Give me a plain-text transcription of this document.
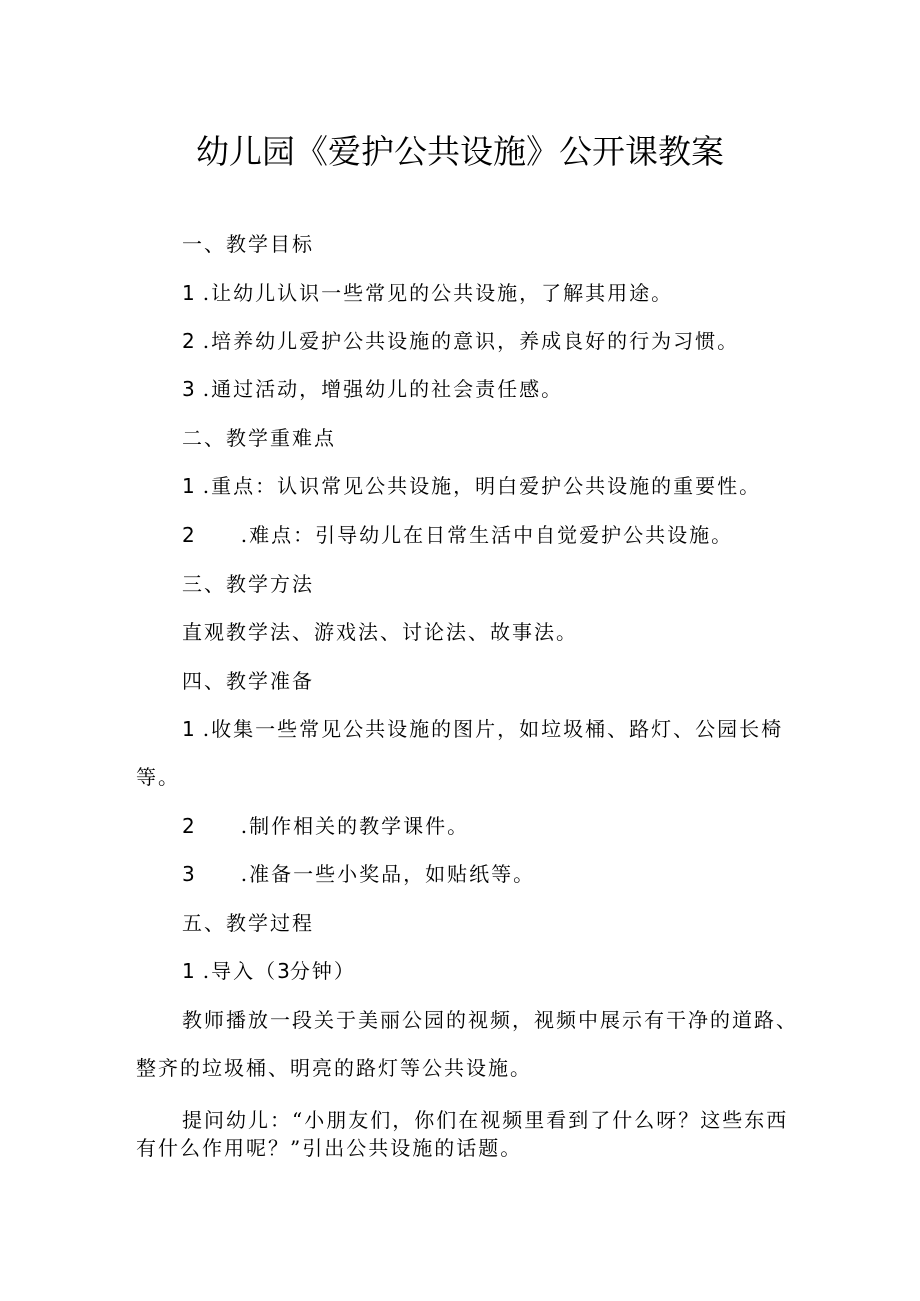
幼儿园《爱护公共设施》公开课教案
一、教学目标
1 .让幼儿认识一些常见的公共设施，了解其用途。
2 .培养幼儿爱护公共设施的意识，养成良好的行为习惯。
3 .通过活动，增强幼儿的社会责任感。
二、教学重难点
1 .重点：认识常见公共设施，明白爱护公共设施的重要性。
2 .难点：引导幼儿在日常生活中自觉爱护公共设施。
三、教学方法
直观教学法、游戏法、讨论法、故事法。
四、教学准备
1 .收集一些常见公共设施的图片，如垃圾桶、路灯、公园长椅
等。
2 .制作相关的教学课件。
3 .准备一些小奖品，如贴纸等。
五、教学过程
1 .导入（3分钟）
教师播放一段关于美丽公园的视频，视频中展示有干净的道路、
整齐的垃圾桶、明亮的路灯等公共设施。
提问幼儿：“小朋友们，你们在视频里看到了什么呀？这些东西
有什么作用呢？”引出公共设施的话题。
